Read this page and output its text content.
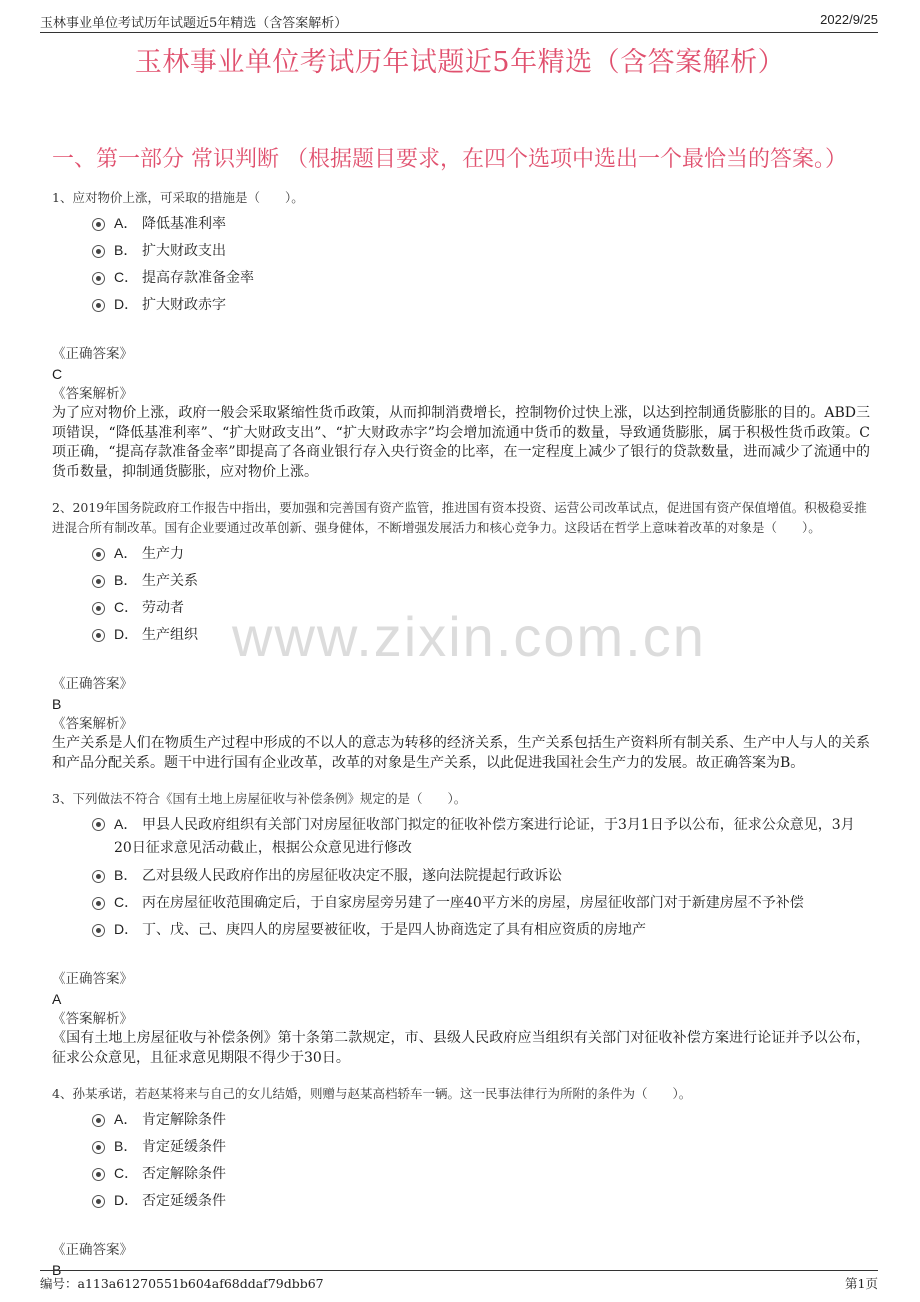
玉林事业单位考试历年试题近5年精选（含答案解析）	2022/9/25
玉林事业单位考试历年试题近5年精选（含答案解析）
一、第一部分 常识判断 （根据题目要求，在四个选项中选出一个最恰当的答案。）
www.zixin.com.cn
1、应对物价上涨，可采取的措施是（　　）。
A． 降低基准利率
B． 扩大财政支出
C． 提高存款准备金率
D． 扩大财政赤字
《正确答案》
C
《答案解析》
为了应对物价上涨，政府一般会采取紧缩性货币政策，从而抑制消费增长，控制物价过快上涨，以达到控制通货膨胀的目的。ABD三项错误，“降低基准利率”、“扩大财政支出”、“扩大财政赤字”均会增加流通中货币的数量，导致通货膨胀，属于积极性货币政策。C项正确，“提高存款准备金率”即提高了各商业银行存入央行资金的比率，在一定程度上减少了银行的贷款数量，进而减少了流通中的货币数量，抑制通货膨胀，应对物价上涨。
2、2019年国务院政府工作报告中指出，要加强和完善国有资产监管，推进国有资本投资、运营公司改革试点，促进国有资产保值增值。积极稳妥推进混合所有制改革。国有企业要通过改革创新、强身健体，不断增强发展活力和核心竞争力。这段话在哲学上意味着改革的对象是（　　）。
A． 生产力
B． 生产关系
C． 劳动者
D． 生产组织
《正确答案》
B
《答案解析》
生产关系是人们在物质生产过程中形成的不以人的意志为转移的经济关系，生产关系包括生产资料所有制关系、生产中人与人的关系和产品分配关系。题干中进行国有企业改革，改革的对象是生产关系，以此促进我国社会生产力的发展。故正确答案为B。
3、下列做法不符合《国有土地上房屋征收与补偿条例》规定的是（　　）。
A． 甲县人民政府组织有关部门对房屋征收部门拟定的征收补偿方案进行论证，于3月1日予以公布，征求公众意见，3月20日征求意见活动截止，根据公众意见进行修改
B． 乙对县级人民政府作出的房屋征收决定不服，遂向法院提起行政诉讼
C． 丙在房屋征收范围确定后，于自家房屋旁另建了一座40平方米的房屋，房屋征收部门对于新建房屋不予补偿
D． 丁、戊、己、庚四人的房屋要被征收，于是四人协商选定了具有相应资质的房地产
《正确答案》
A
《答案解析》
《国有土地上房屋征收与补偿条例》第十条第二款规定，市、县级人民政府应当组织有关部门对征收补偿方案进行论证并予以公布，征求公众意见，且征求意见期限不得少于30日。
4、孙某承诺，若赵某将来与自己的女儿结婚，则赠与赵某高档轿车一辆。这一民事法律行为所附的条件为（　　）。
A． 肯定解除条件
B． 肯定延缓条件
C． 否定解除条件
D． 否定延缓条件
《正确答案》
B
编号：a113a61270551b604af68ddaf79dbb67	第1页
